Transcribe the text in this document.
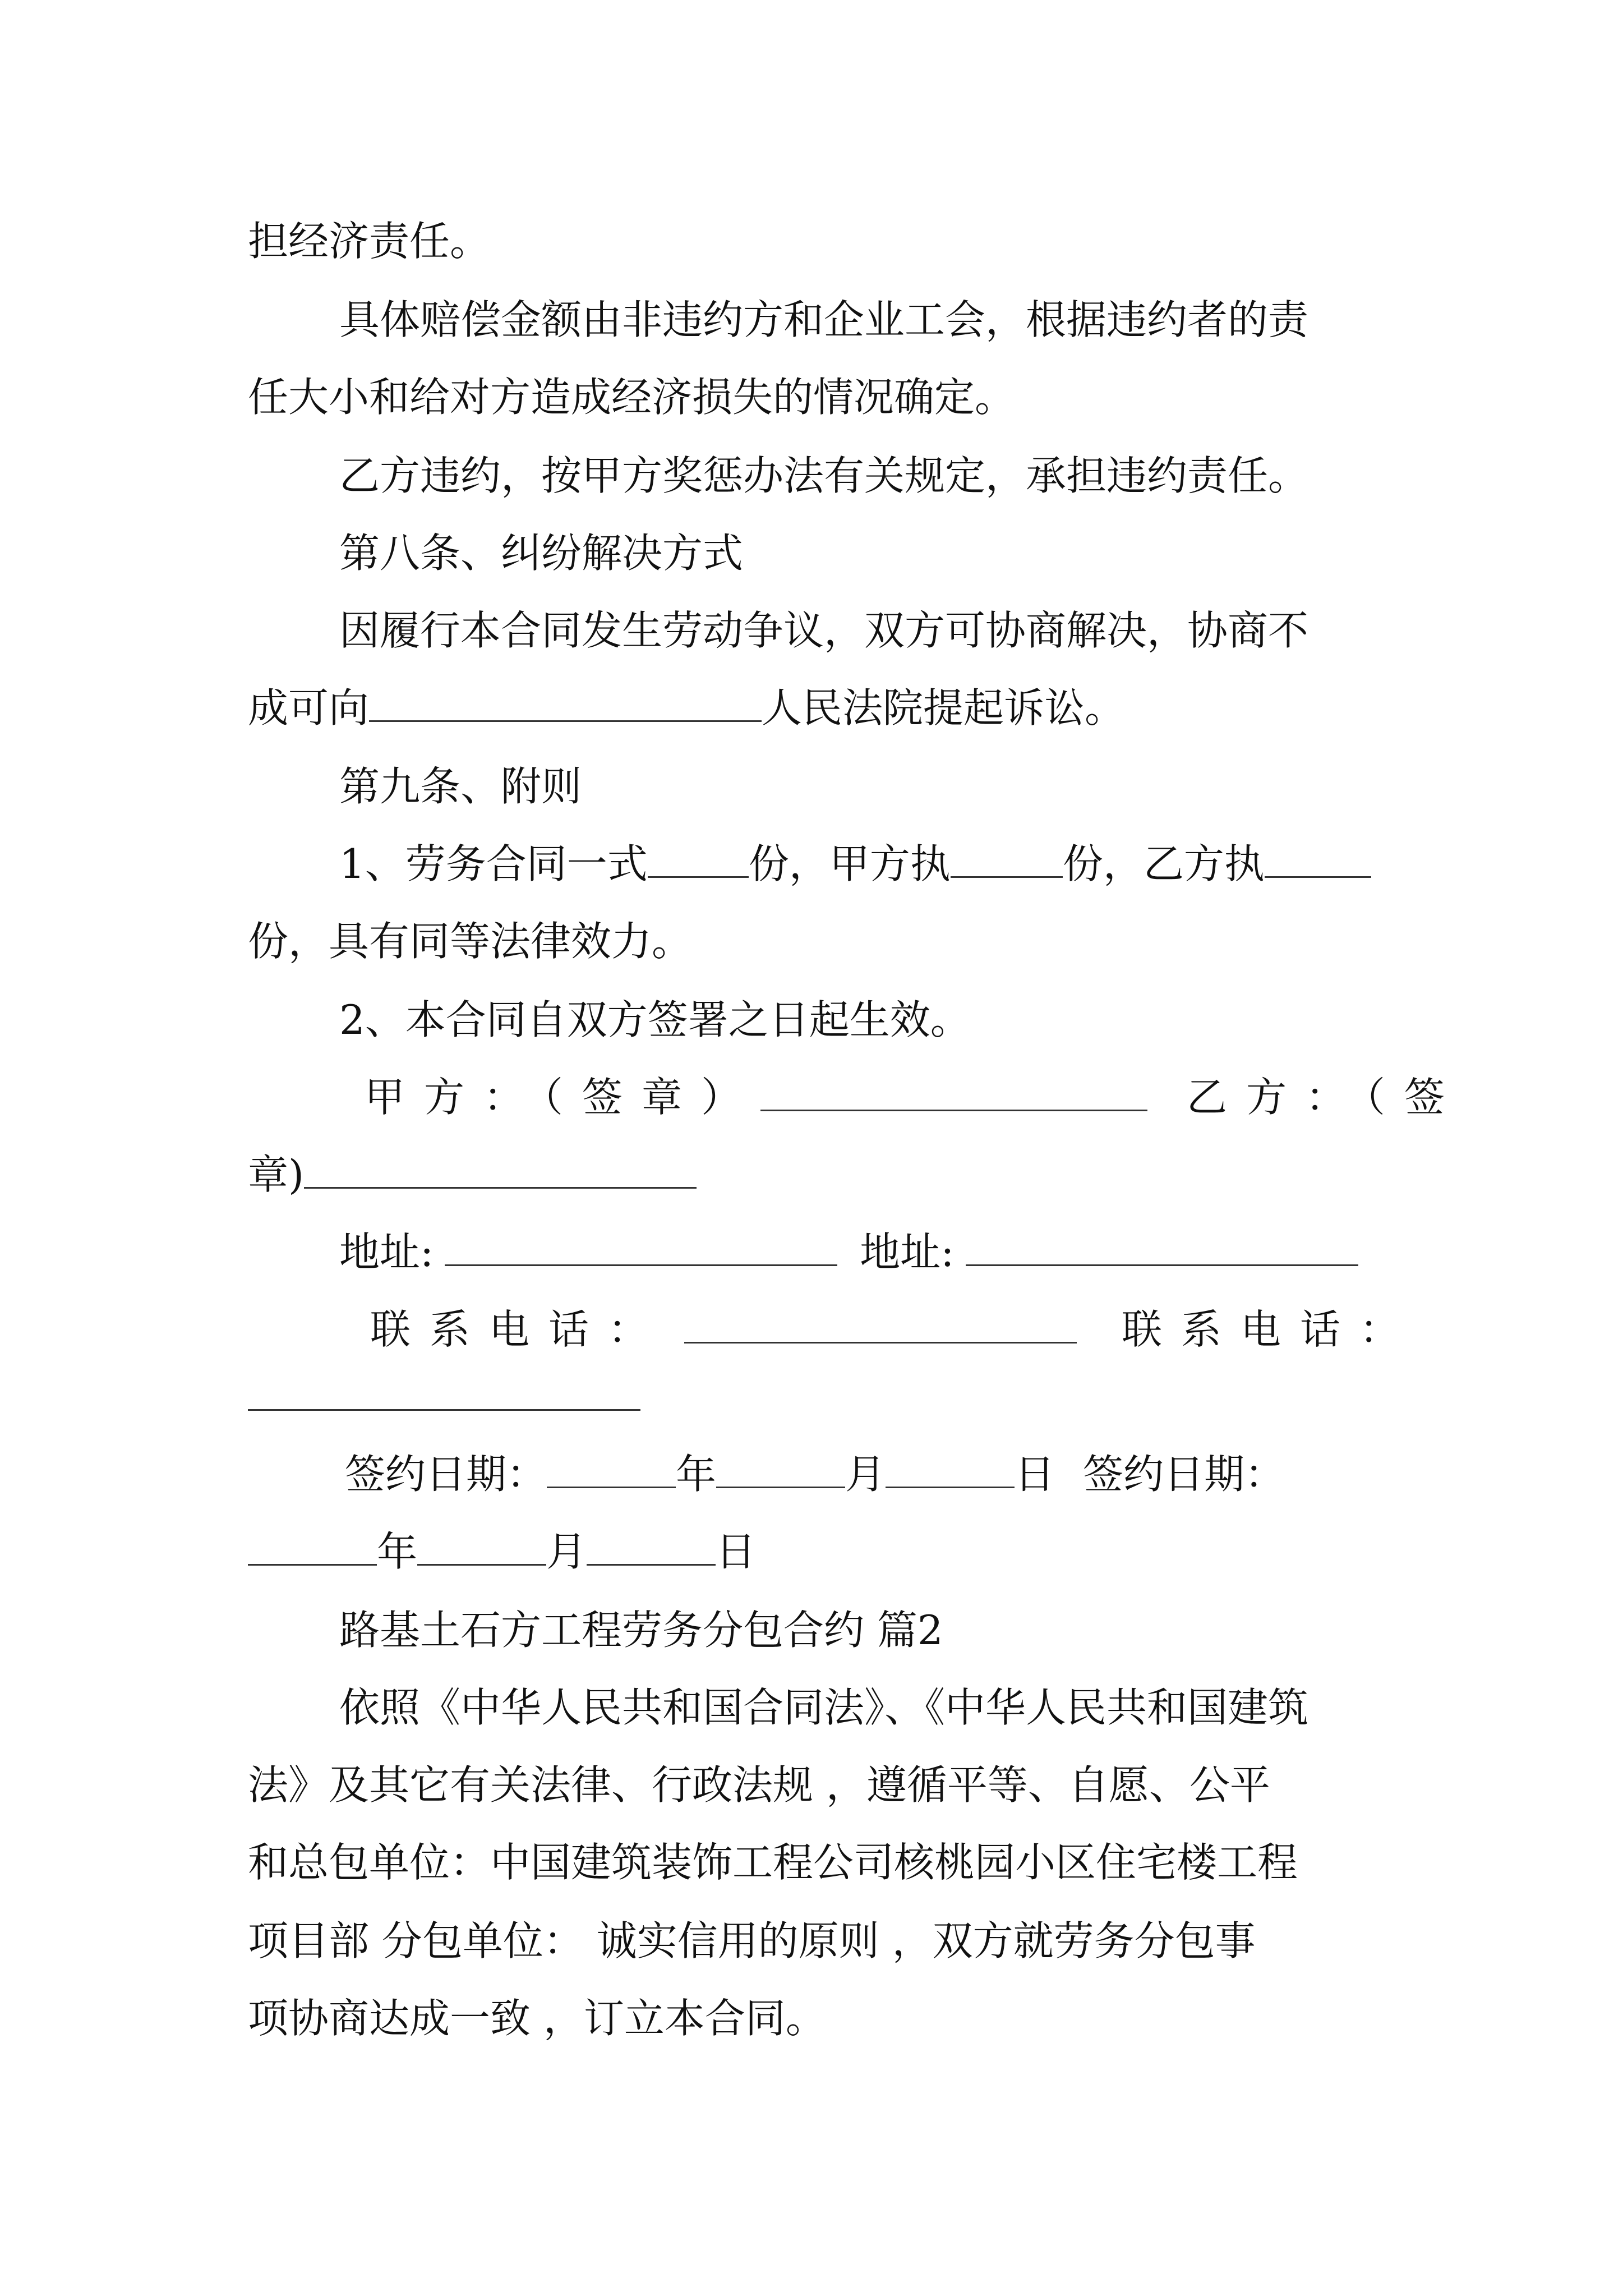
担经济责任。
具体赔偿金额由非违约方和企业工会，根据违约者的责
任大小和给对方造成经济损失的情况确定。
乙方违约，按甲方奖惩办法有关规定，承担违约责任。
第八条、纠纷解决方式
因履行本合同发生劳动争议，双方可协商解决，协商不
成可向	人民法院提起诉讼。
第九条、附则
1、劳务合同一式	份，甲方执	份，乙方执
份，具有同等法律效力。
2、本合同自双方签署之日起生效。
甲方：（签章）	乙方：（签
章)
地址:	地址:
联系电话：	联系电话：
签约日期：	年	月	日 签约日期：
年	月	日
路基土石方工程劳务分包合约 篇2
依照《中华人民共和国合同法》、《中华人民共和国建筑
法》及其它有关法律、行政法规 ，遵循平等、自愿、公平
和总包单位：中国建筑装饰工程公司核桃园小区住宅楼工程
项目部 分包单位： 诚实信用的原则 ，双方就劳务分包事
项协商达成一致 ，订立本合同。
